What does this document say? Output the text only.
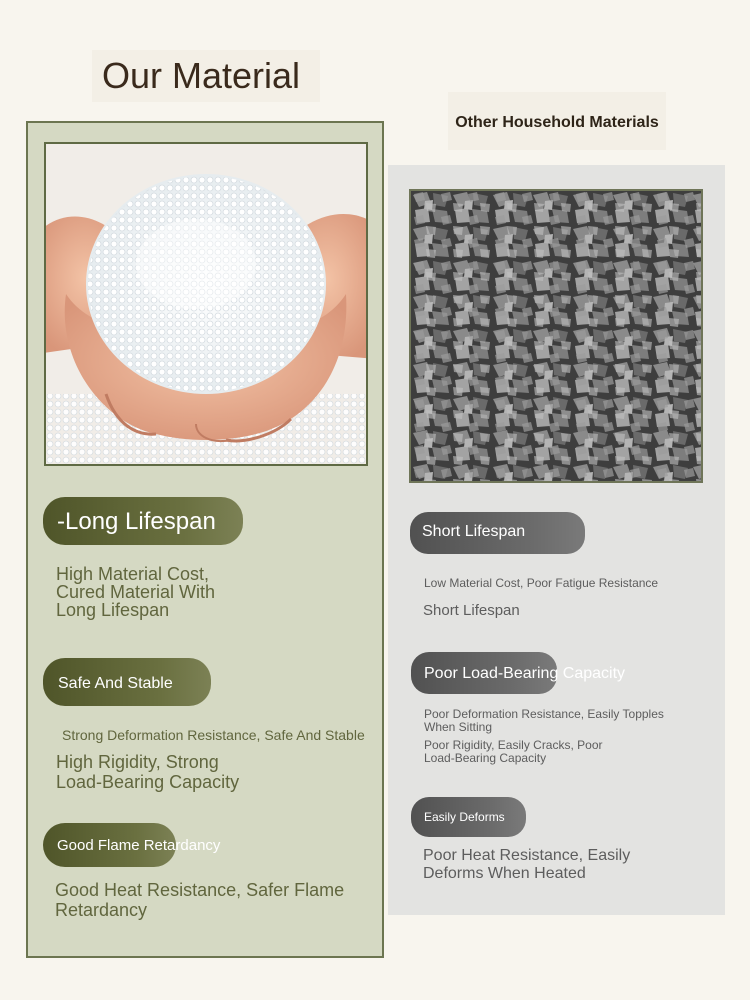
Our Material
Other Household Materials
-Long Lifespan
High Material Cost,
Cured Material With
Long Lifespan
Safe And Stable
Strong Deformation Resistance, Safe And Stable
High Rigidity, Strong
Load-Bearing Capacity
Good Flame Retardancy
Good Heat Resistance, Safer Flame
Retardancy
Short Lifespan
Low Material Cost, Poor Fatigue Resistance
Short Lifespan
Poor Load-Bearing Capacity
Poor Deformation Resistance, Easily Topples
When Sitting
Poor Rigidity, Easily Cracks, Poor
Load-Bearing Capacity
Easily Deforms
Poor Heat Resistance, Easily
Deforms When Heated
